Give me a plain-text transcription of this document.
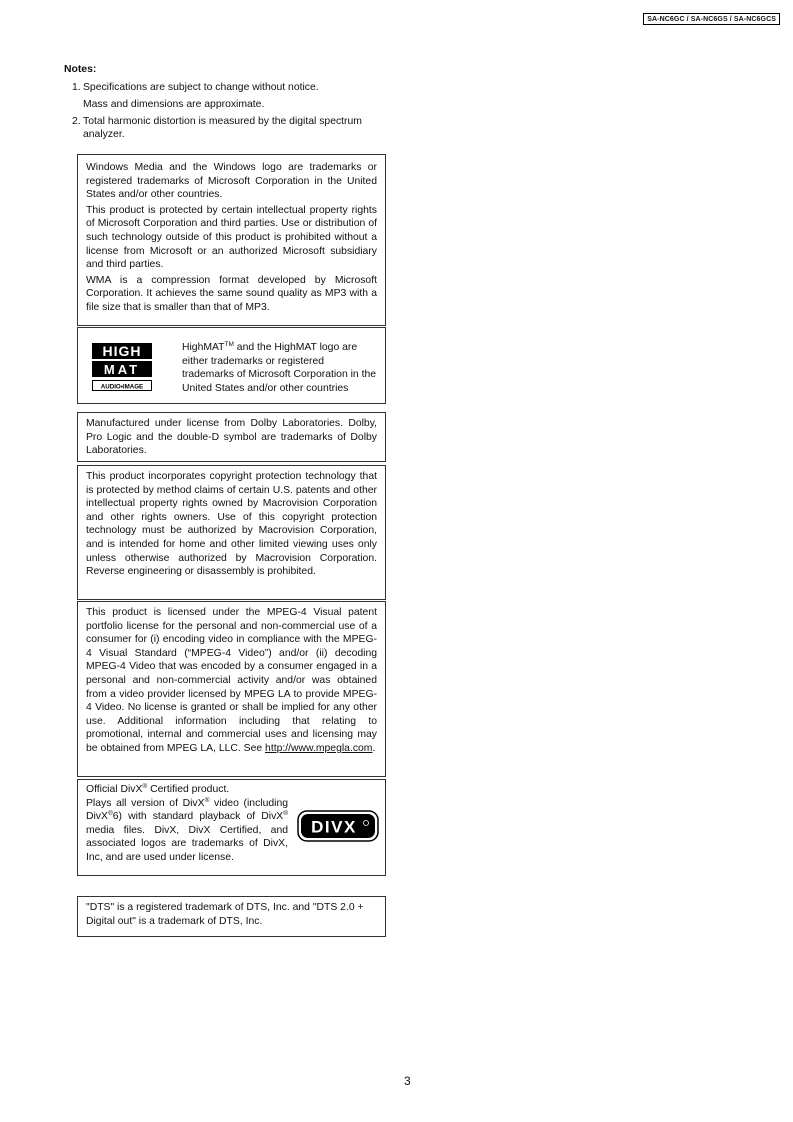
SA-NC6GC / SA-NC6GS / SA-NC6GCS
Notes:
1. Specifications are subject to change without notice.

Mass and dimensions are approximate.

2. Total harmonic distortion is measured by the digital spectrum analyzer.

Windows Media and the Windows logo are trademarks or registered trademarks of Microsoft Corporation in the United States and/or other countries.

This product is protected by certain intellectual property rights of Microsoft Corporation and third parties. Use or distribution of such technology outside of this product is prohibited without a license from Microsoft or an authorized Microsoft subsidiary and third parties.

WMA is a compression format developed by Microsoft Corporation. It achieves the same sound quality as MP3 with a file size that is smaller than that of MP3.

HIGH
MAT
AUDIO•IMAGE

HighMAT™ and the HighMAT logo are either trademarks or registered trademarks of Microsoft Corporation in the United States and/or other countries

Manufactured under license from Dolby Laboratories. Dolby, Pro Logic and the double-D symbol are trademarks of Dolby Laboratories.

This product incorporates copyright protection technology that is protected by method claims of certain U.S. patents and other intellectual property rights owned by Macrovision Corporation and other rights owners. Use of this copyright protection technology must be authorized by Macrovision Corporation, and is intended for home and other limited viewing uses only unless otherwise authorized by Macrovision Corporation. Reverse engineering or disassembly is prohibited.

This product is licensed under the MPEG-4 Visual patent portfolio license for the personal and non-commercial use of a consumer for (i) encoding video in compliance with the MPEG-4 Visual Standard (“MPEG-4 Video”) and/or (ii) decoding MPEG-4 Video that was encoded by a consumer engaged in a personal and non-commercial activity and/or was obtained from a video provider licensed by MPEG LA to provide MPEG-4 Video. No license is granted or shall be implied for any other use. Additional information including that relating to promotional, internal and commercial uses and licensing may be obtained from MPEG LA, LLC. See http://www.mpegla.com.

Official DivX® Certified product.
Plays all version of DivX® video (including DivX®6) with standard playback of DivX® media files. DivX, DivX Certified, and associated logos are trademarks of DivX, Inc, and are used under license.

DIVX

"DTS" is a registered trademark of DTS, Inc. and "DTS 2.0 + Digital out" is a trademark of DTS, Inc.

3
